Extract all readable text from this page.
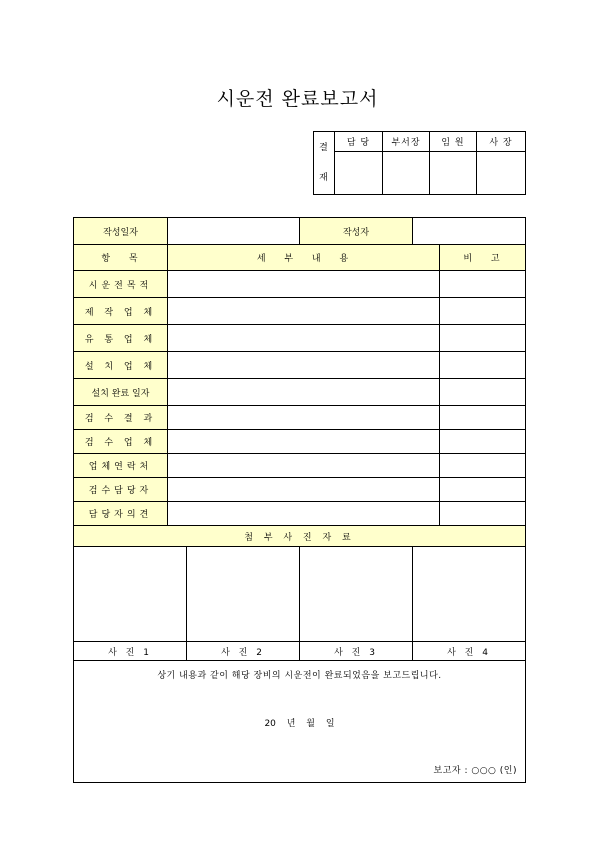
시운전 완료보고서
결
재	담 당	부서장	임 원	사 장

작성일자			작성자		
항 목	세 부 내 용				비 고
시운전목적					
제 작 업 체					
유 통 업 체					
설 치 업 체					
설치 완료 일자					
검 수 결 과					
검 수 업 체					
업체연락처					
검수담당자					
담당자의견					
첨 부 사 진 자 료					

사 진 1		사 진 2	사 진 3	사 진 4	

상기 내용과 같이 해당 장비의 시운전이 완료되었음을 보고드립니다.
20 년 월 일
보고자 : ○○○ (인)					
